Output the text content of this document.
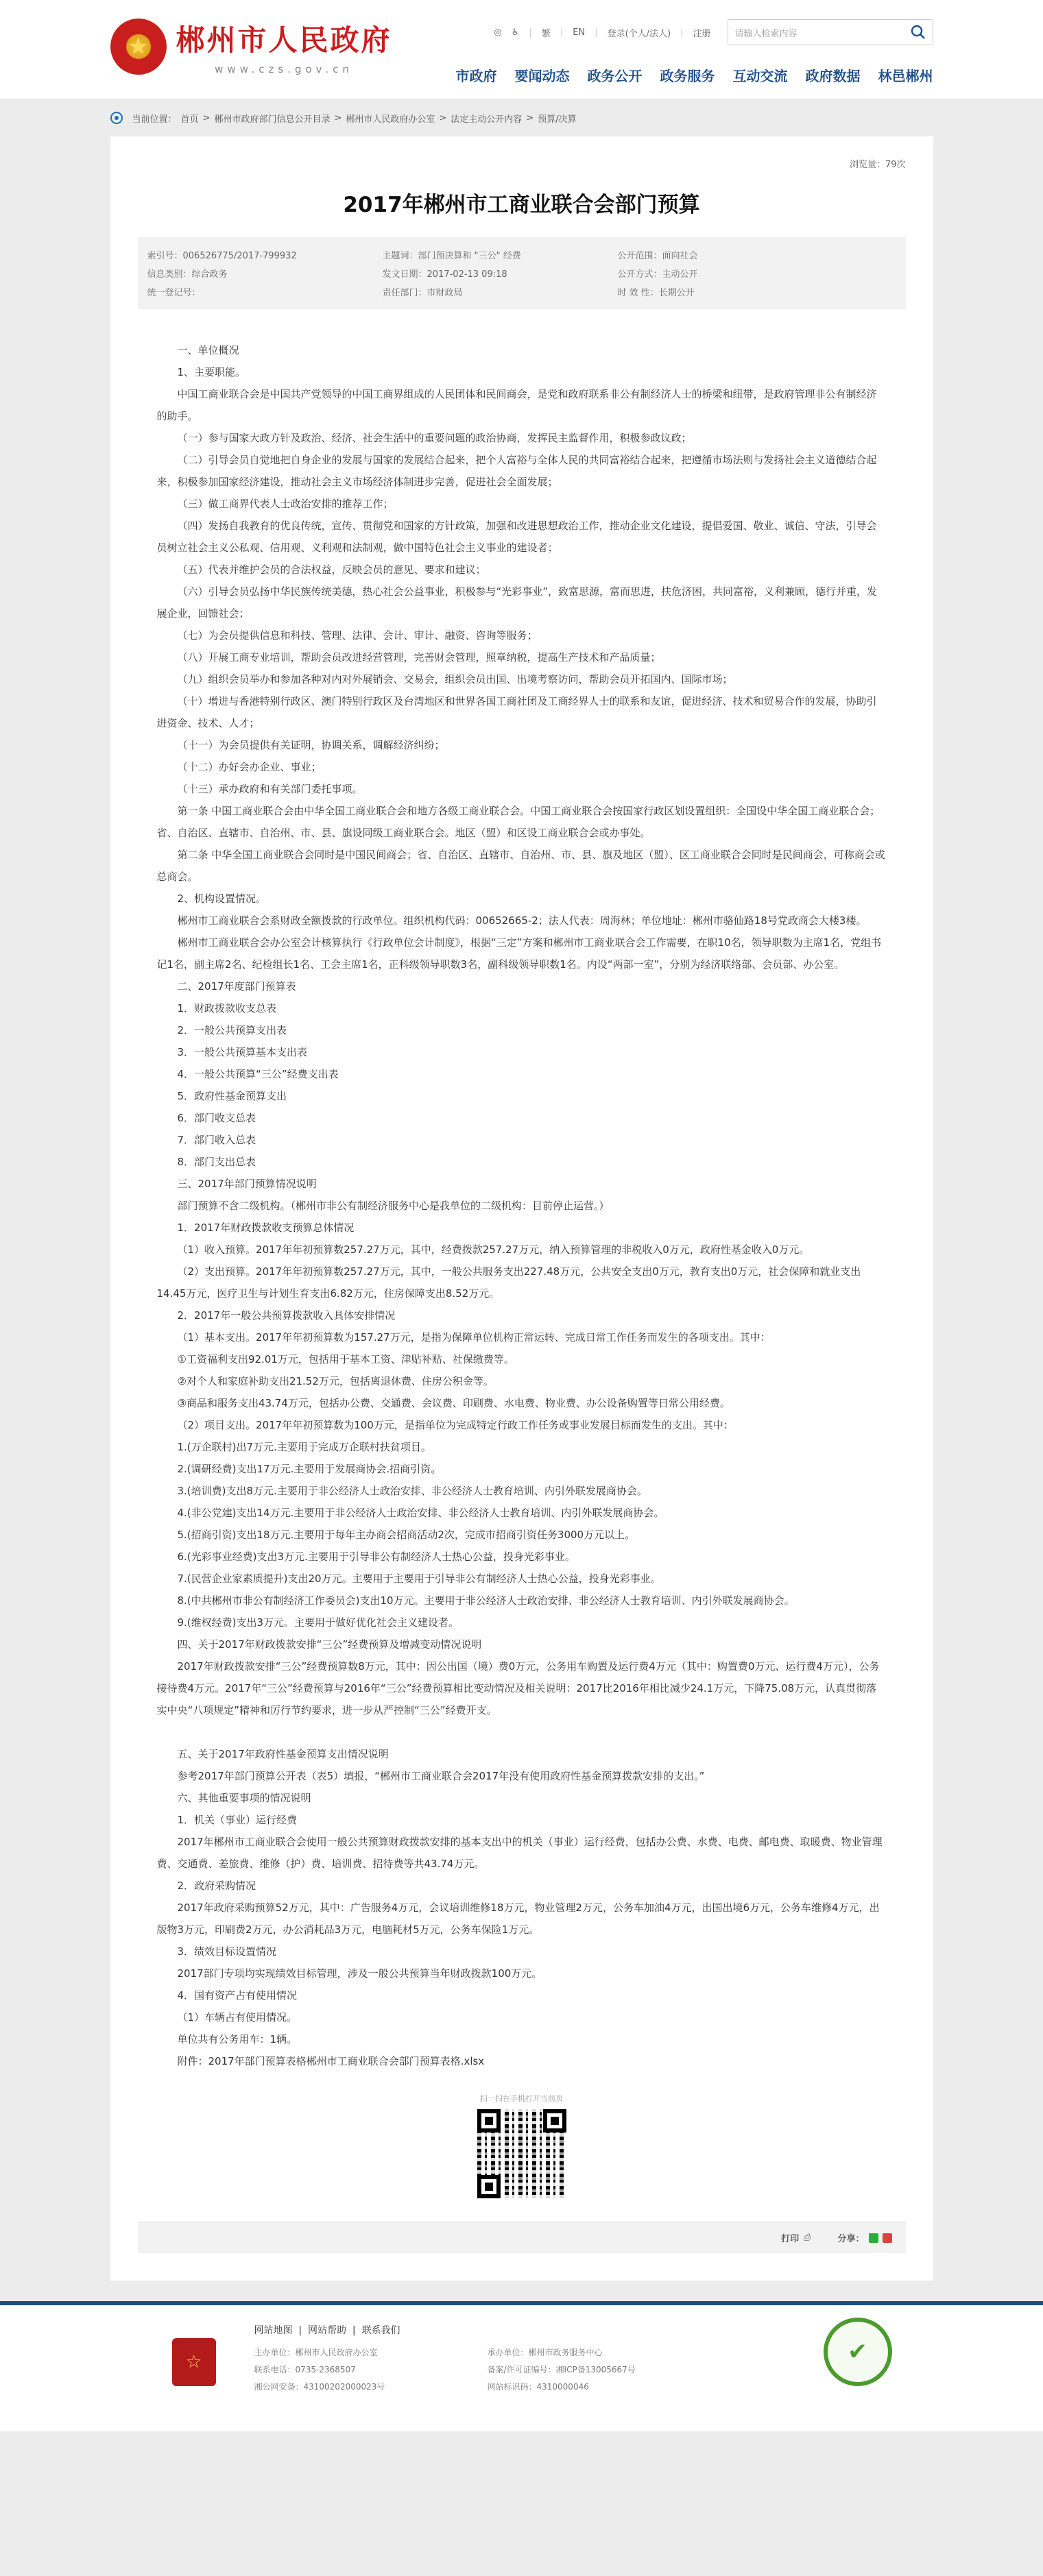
★ 郴州市人民政府
www.czs.gov.cn
◎ ♿ | 繁 | EN | 登录(个人/法人) | 注册	请输入检索内容
市政府 要闻动态 政务公开 政务服务 互动交流 政府数据 林邑郴州
当前位置： 首页 > 郴州市政府部门信息公开目录 > 郴州市人民政府办公室 > 法定主动公开内容 > 预算/决算
浏览量：79次
2017年郴州市工商业联合会部门预算
索引号：006526775/2017-799932	主题词：部门预决算和 "三公" 经费	公开范围：面向社会
信息类别：综合政务	发文日期：2017-02-13 09:18	公开方式：主动公开
统一登记号：	责任部门：市财政局	时 效 性：长期公开

一、单位概况

1、主要职能。

中国工商业联合会是中国共产党领导的中国工商界组成的人民团体和民间商会，是党和政府联系非公有制经济人士的桥梁和纽带，是政府管理非公有制经济的助手。

（一）参与国家大政方针及政治、经济、社会生活中的重要问题的政治协商，发挥民主监督作用，积极参政议政；

（二）引导会员自觉地把自身企业的发展与国家的发展结合起来，把个人富裕与全体人民的共同富裕结合起来，把遵循市场法则与发扬社会主义道德结合起来，积极参加国家经济建设，推动社会主义市场经济体制进步完善，促进社会全面发展；

（三）做工商界代表人士政治安排的推荐工作；

（四）发扬自我教育的优良传统，宣传、贯彻党和国家的方针政策，加强和改进思想政治工作，推动企业文化建设，提倡爱国、敬业、诚信、守法，引导会员树立社会主义公私观、信用观、义利观和法制观，做中国特色社会主义事业的建设者；

（五）代表并维护会员的合法权益，反映会员的意见、要求和建议；

（六）引导会员弘扬中华民族传统美德，热心社会公益事业，积极参与“光彩事业”，致富思源，富而思进，扶危济困，共同富裕，义利兼顾，德行并重，发展企业，回馈社会；

（七）为会员提供信息和科技、管理、法律、会计、审计、融资、咨询等服务；

（八）开展工商专业培训，帮助会员改进经营管理，完善财会管理，照章纳税，提高生产技术和产品质量；

（九）组织会员举办和参加各种对内对外展销会、交易会，组织会员出国、出境考察访问，帮助会员开拓国内、国际市场；

（十）增进与香港特别行政区、澳门特别行政区及台湾地区和世界各国工商社团及工商经界人士的联系和友谊，促进经济、技术和贸易合作的发展，协助引进资金、技术、人才；

（十一）为会员提供有关证明，协调关系，调解经济纠纷；

（十二）办好会办企业、事业；

（十三）承办政府和有关部门委托事项。

第一条 中国工商业联合会由中华全国工商业联合会和地方各级工商业联合会。中国工商业联合会按国家行政区划设置组织：全国设中华全国工商业联合会；省、自治区、直辖市、自治州、市、县、旗设同级工商业联合会。地区（盟）和区设工商业联合会或办事处。

第二条 中华全国工商业联合会同时是中国民间商会；省、自治区、直辖市、自治州、市、县、旗及地区（盟）、区工商业联合会同时是民间商会，可称商会或总商会。

2、机构设置情况。

郴州市工商业联合会系财政全额拨款的行政单位。组织机构代码：00652665-2；法人代表：周海林；单位地址：郴州市骆仙路18号党政商会大楼3楼。

郴州市工商业联合会办公室会计核算执行《行政单位会计制度》，根据“三定”方案和郴州市工商业联合会工作需要，在职10名，领导职数为主席1名，党组书记1名，副主席2名、纪检组长1名、工会主席1名，正科级领导职数3名，副科级领导职数1名。内设“两部一室”，分别为经济联络部、会员部、办公室。

二、2017年度部门预算表

1．财政拨款收支总表

2．一般公共预算支出表

3．一般公共预算基本支出表

4．一般公共预算“三公”经费支出表

5．政府性基金预算支出

6．部门收支总表

7．部门收入总表

8．部门支出总表

三、2017年部门预算情况说明

部门预算不含二级机构。（郴州市非公有制经济服务中心是我单位的二级机构：目前停止运营。）

1．2017年财政拨款收支预算总体情况

（1）收入预算。2017年年初预算数257.27万元，其中，经费拨款257.27万元，纳入预算管理的非税收入0万元，政府性基金收入0万元。

（2）支出预算。2017年年初预算数257.27万元，其中，一般公共服务支出227.48万元，公共安全支出0万元，教育支出0万元，社会保障和就业支出14.45万元，医疗卫生与计划生育支出6.82万元，住房保障支出8.52万元。

2．2017年一般公共预算拨款收入具体安排情况

（1）基本支出。2017年年初预算数为157.27万元，是指为保障单位机构正常运转、完成日常工作任务而发生的各项支出。其中：

①工资福利支出92.01万元，包括用于基本工资、津贴补贴、社保缴费等。

②对个人和家庭补助支出21.52万元，包括离退休费、住房公积金等。

③商品和服务支出43.74万元，包括办公费、交通费、会议费、印刷费、水电费、物业费、办公设备购置等日常公用经费。

（2）项目支出。2017年年初预算数为100万元，是指单位为完成特定行政工作任务或事业发展目标而发生的支出。其中：

1.(万企联村)出7万元.主要用于完成万企联村扶贫项目。

2.(调研经费)支出17万元.主要用于发展商协会.招商引资。

3.(培训费)支出8万元.主要用于非公经济人士政治安排、非公经济人士教育培训、内引外联发展商协会。

4.(非公党建)支出14万元.主要用于非公经济人士政治安排、非公经济人士教育培训、内引外联发展商协会。

5.(招商引资)支出18万元.主要用于每年主办商会招商活动2次，完成市招商引资任务3000万元以上。

6.(光彩事业经费)支出3万元.主要用于引导非公有制经济人士热心公益，投身光彩事业。

7.(民营企业家素质提升)支出20万元。主要用于主要用于引导非公有制经济人士热心公益，投身光彩事业。

8.(中共郴州市非公有制经济工作委员会)支出10万元。主要用于非公经济人士政治安排、非公经济人士教育培训、内引外联发展商协会。

9.(维权经费)支出3万元。主要用于做好优化社会主义建设者。

四、关于2017年财政拨款安排“三公”经费预算及增减变动情况说明

2017年财政拨款安排“三公”经费预算数8万元，其中：因公出国（境）费0万元，公务用车购置及运行费4万元（其中：购置费0万元、运行费4万元），公务接待费4万元。2017年“三公”经费预算与2016年“三公”经费预算相比变动情况及相关说明：2017比2016年相比减少24.1万元，下降75.08万元，认真贯彻落实中央“八项规定”精神和厉行节约要求，进一步从严控制“三公”经费开支。

五、关于2017年政府性基金预算支出情况说明

参考2017年部门预算公开表（表5）填报，“郴州市工商业联合会2017年没有使用政府性基金预算拨款安排的支出。”

六、其他重要事项的情况说明

1．机关（事业）运行经费

2017年郴州市工商业联合会使用一般公共预算财政拨款安排的基本支出中的机关（事业）运行经费，包括办公费、水费、电费、邮电费、取暖费、物业管理费、交通费、差旅费、维修（护）费、培训费、招待费等共43.74万元。

2．政府采购情况

2017年政府采购预算52万元，其中：广告服务4万元，会议培训维修18万元，物业管理2万元，公务车加油4万元，出国出境6万元，公务车维修4万元，出版物3万元，印刷费2万元，办公消耗品3万元，电脑耗材5万元，公务车保险1万元。

3．绩效目标设置情况

2017部门专项均实现绩效目标管理，涉及一般公共预算当年财政拨款100万元。

4．国有资产占有使用情况

（1）车辆占有使用情况。

单位共有公务用车：1辆。

附件：2017年部门预算表格郴州市工商业联合会部门预算表格.xlsx

扫一扫在手机打开当前页
打印 ⎙	分享：
☆
网站地图  |  网站帮助  |  联系我们
主办单位：郴州市人民政府办公室	承办单位：郴州市政务服务中心
联系电话：0735-2368507	备案/许可证编号：湘ICP备13005667号
湘公网安备：43100202000023号	网站标识码：4310000046
✔
